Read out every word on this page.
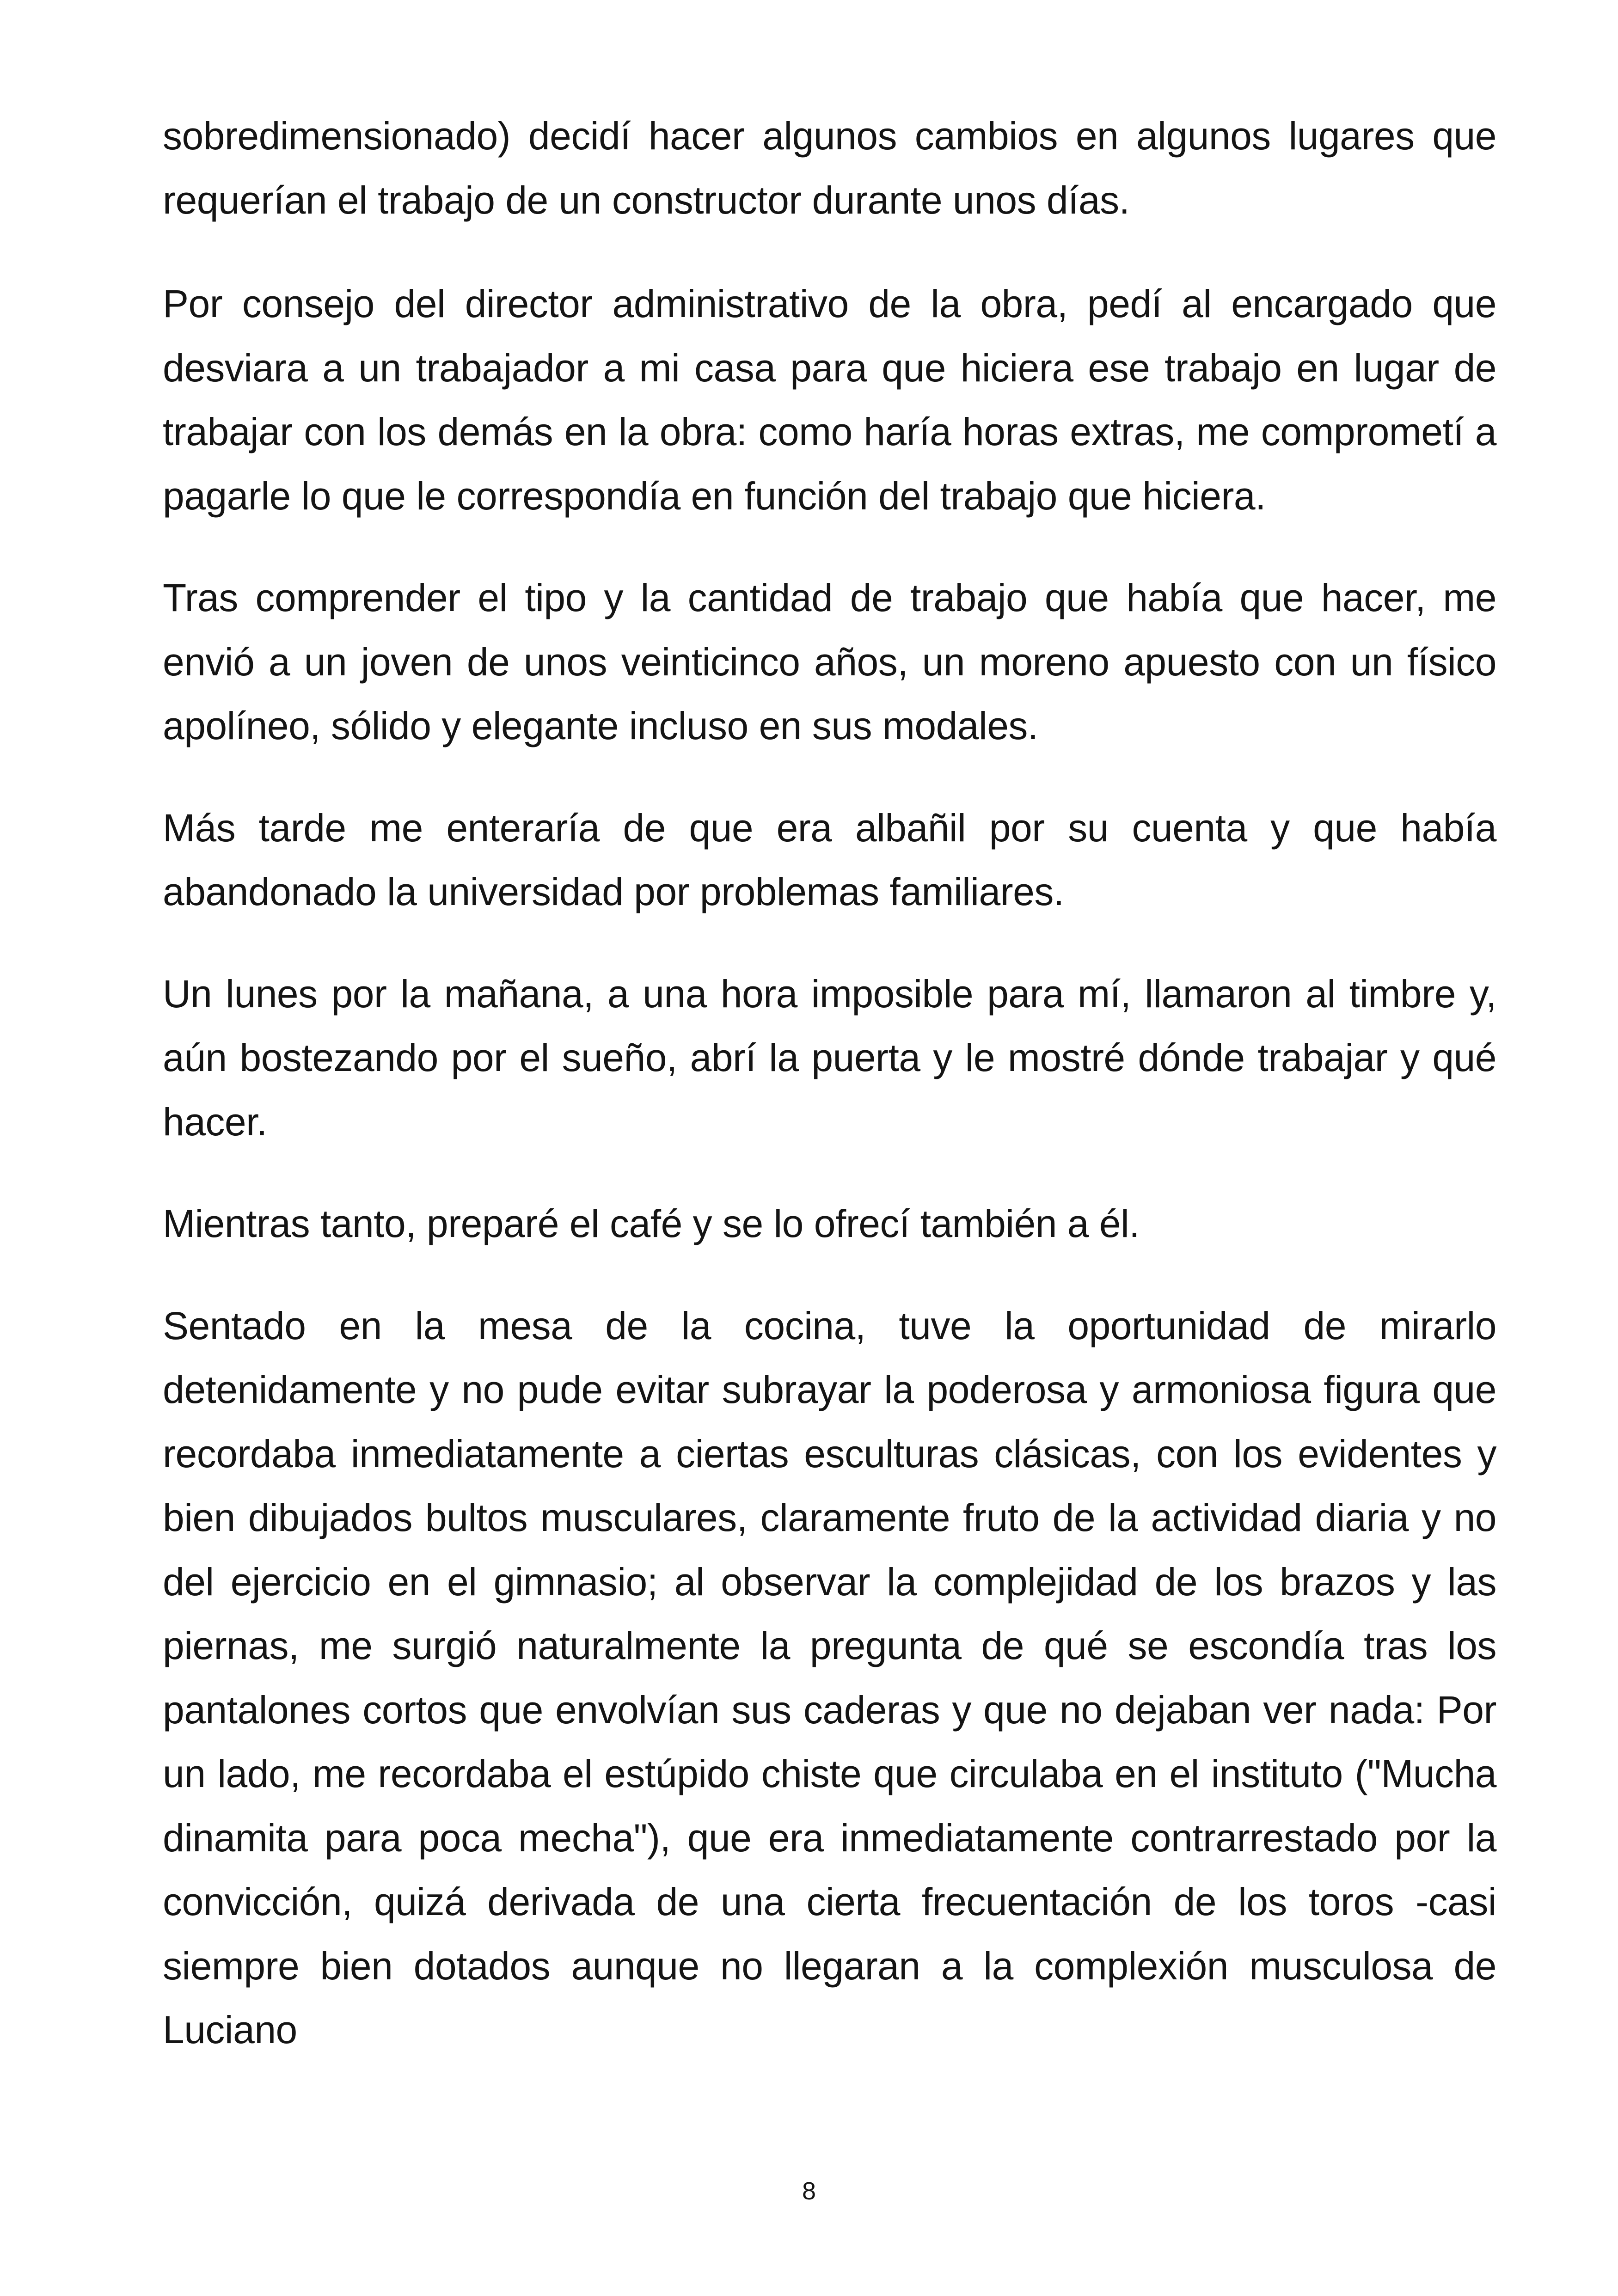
sobredimensionado) decidí hacer algunos cambios en algunos lugares que requerían el trabajo de un constructor durante unos días.

Por consejo del director administrativo de la obra, pedí al encargado que desviara a un trabajador a mi casa para que hiciera ese trabajo en lugar de trabajar con los demás en la obra: como haría horas extras, me comprometí a pagarle lo que le correspondía en función del trabajo que hiciera.

Tras comprender el tipo y la cantidad de trabajo que había que hacer, me envió a un joven de unos veinticinco años, un moreno apuesto con un físico apolíneo, sólido y elegante incluso en sus modales.

Más tarde me enteraría de que era albañil por su cuenta y que había abandonado la universidad por problemas familiares.

Un lunes por la mañana, a una hora imposible para mí, llamaron al timbre y, aún bostezando por el sueño, abrí la puerta y le mostré dónde trabajar y qué hacer.

Mientras tanto, preparé el café y se lo ofrecí también a él.

Sentado en la mesa de la cocina, tuve la oportunidad de mirarlo detenidamente y no pude evitar subrayar la poderosa y armoniosa figura que recordaba inmediatamente a ciertas esculturas clásicas, con los evidentes y bien dibujados bultos musculares, claramente fruto de la actividad diaria y no del ejercicio en el gimnasio; al observar la complejidad de los brazos y las piernas, me surgió naturalmente la pregunta de qué se escondía tras los pantalones cortos que envolvían sus caderas y que no dejaban ver nada: Por un lado, me recordaba el estúpido chiste que circulaba en el instituto ("Mucha dinamita para poca mecha"), que era inmediatamente contrarrestado por la convicción, quizá derivada de una cierta frecuentación de los toros -casi siempre bien dotados aunque no llegaran a la complexión musculosa de Luciano

8
